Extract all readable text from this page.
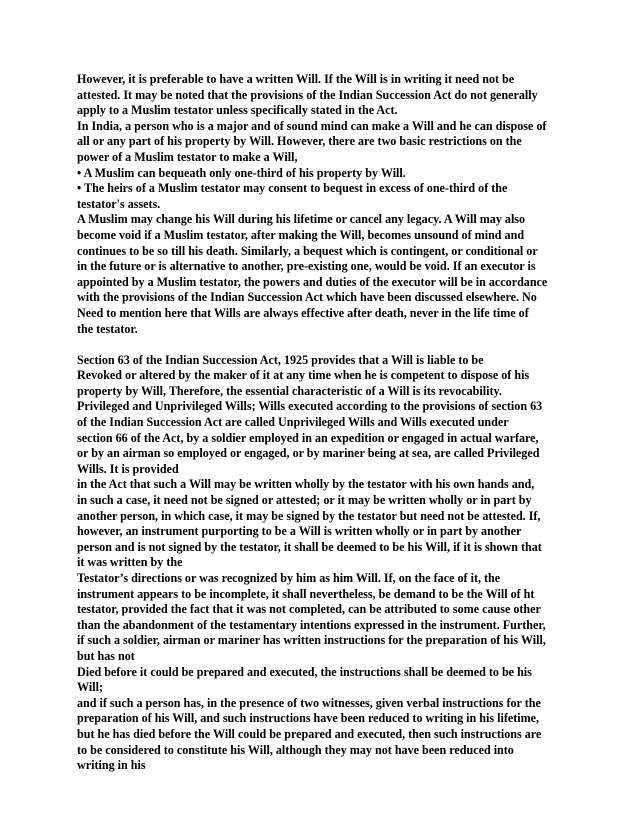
However, it is preferable to have a written Will. If the Will is in writing it need not be
attested. It may be noted that the provisions of the Indian Succession Act do not generally
apply to a Muslim testator unless specifically stated in the Act.
In India, a person who is a major and of sound mind can make a Will and he can dispose of
all or any part of his property by Will. However, there are two basic restrictions on the
power of a Muslim testator to make a Will,
• A Muslim can bequeath only one-third of his property by Will.
• The heirs of a Muslim testator may consent to bequest in excess of one-third of the
testator's assets.
A Muslim may change his Will during his lifetime or cancel any legacy. A Will may also
become void if a Muslim testator, after making the Will, becomes unsound of mind and
continues to be so till his death. Similarly, a bequest which is contingent, or conditional or
in the future or is alternative to another, pre-existing one, would be void. If an executor is
appointed by a Muslim testator, the powers and duties of the executor will be in accordance
with the provisions of the Indian Succession Act which have been discussed elsewhere. No
Need to mention here that Wills are always effective after death, never in the life time of
the testator.
Section 63 of the Indian Succession Act, 1925 provides that a Will is liable to be
Revoked or altered by the maker of it at any time when he is competent to dispose of his
property by Will, Therefore, the essential characteristic of a Will is its revocability.
Privileged and Unprivileged Wills; Wills executed according to the provisions of section 63
of the Indian Succession Act are called Unprivileged Wills and Wills executed under
section 66 of the Act, by a soldier employed in an expedition or engaged in actual warfare,
or by an airman so employed or engaged, or by mariner being at sea, are called Privileged
Wills. It is provided
in the Act that such a Will may be written wholly by the testator with his own hands and,
in such a case, it need not be signed or attested; or it may be written wholly or in part by
another person, in which case, it may be signed by the testator but need not be attested. If,
however, an instrument purporting to be a Will is written wholly or in part by another
person and is not signed by the testator, it shall be deemed to be his Will, if it is shown that
it was written by the
Testator’s directions or was recognized by him as him Will. If, on the face of it, the
instrument appears to be incomplete, it shall nevertheless, be demand to be the Will of ht
testator, provided the fact that it was not completed, can be attributed to some cause other
than the abandonment of the testamentary intentions expressed in the instrument. Further,
if such a soldier, airman or mariner has written instructions for the preparation of his Will,
but has not
Died before it could be prepared and executed, the instructions shall be deemed to be his
Will;
and if such a person has, in the presence of two witnesses, given verbal instructions for the
preparation of his Will, and such instructions have been reduced to writing in his lifetime,
but he has died before the Will could be prepared and executed, then such instructions are
to be considered to constitute his Will, although they may not have been reduced into
writing in his
